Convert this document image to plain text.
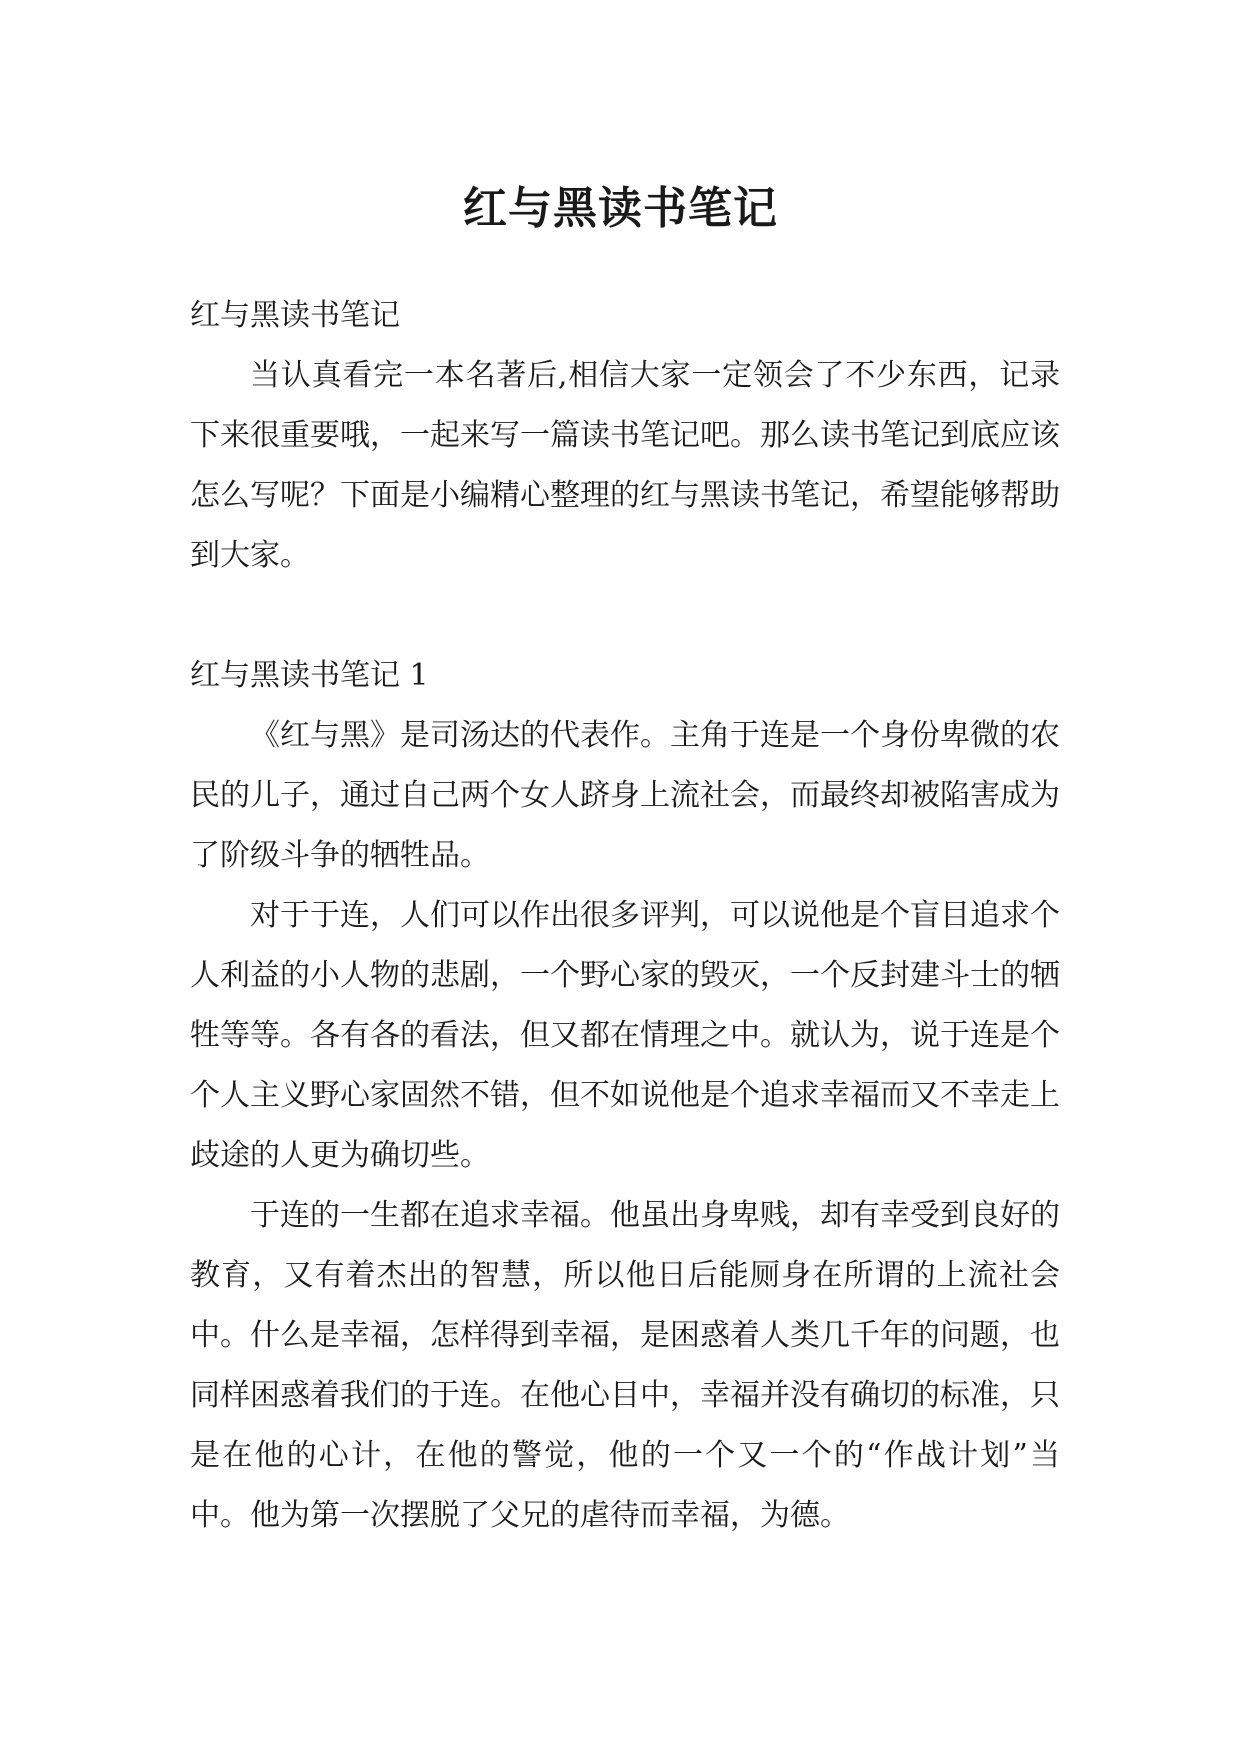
红与黑读书笔记

红与黑读书笔记

当认真看完一本名著后,相信大家一定领会了不少东西，记录下来很重要哦，一起来写一篇读书笔记吧。那么读书笔记到底应该怎么写呢？下面是小编精心整理的红与黑读书笔记，希望能够帮助到大家。

红与黑读书笔记 1

《红与黑》是司汤达的代表作。主角于连是一个身份卑微的农民的儿子，通过自己两个女人跻身上流社会，而最终却被陷害成为了阶级斗争的牺牲品。

对于于连，人们可以作出很多评判，可以说他是个盲目追求个人利益的小人物的悲剧，一个野心家的毁灭，一个反封建斗士的牺牲等等。各有各的看法，但又都在情理之中。就认为，说于连是个个人主义野心家固然不错，但不如说他是个追求幸福而又不幸走上歧途的人更为确切些。

于连的一生都在追求幸福。他虽出身卑贱，却有幸受到良好的教育，又有着杰出的智慧，所以他日后能厕身在所谓的上流社会中。什么是幸福，怎样得到幸福，是困惑着人类几千年的问题，也同样困惑着我们的于连。在他心目中，幸福并没有确切的标准，只是在他的心计，在他的警觉，他的一个又一个的“作战计划”当中。他为第一次摆脱了父兄的虐待而幸福，为德。
